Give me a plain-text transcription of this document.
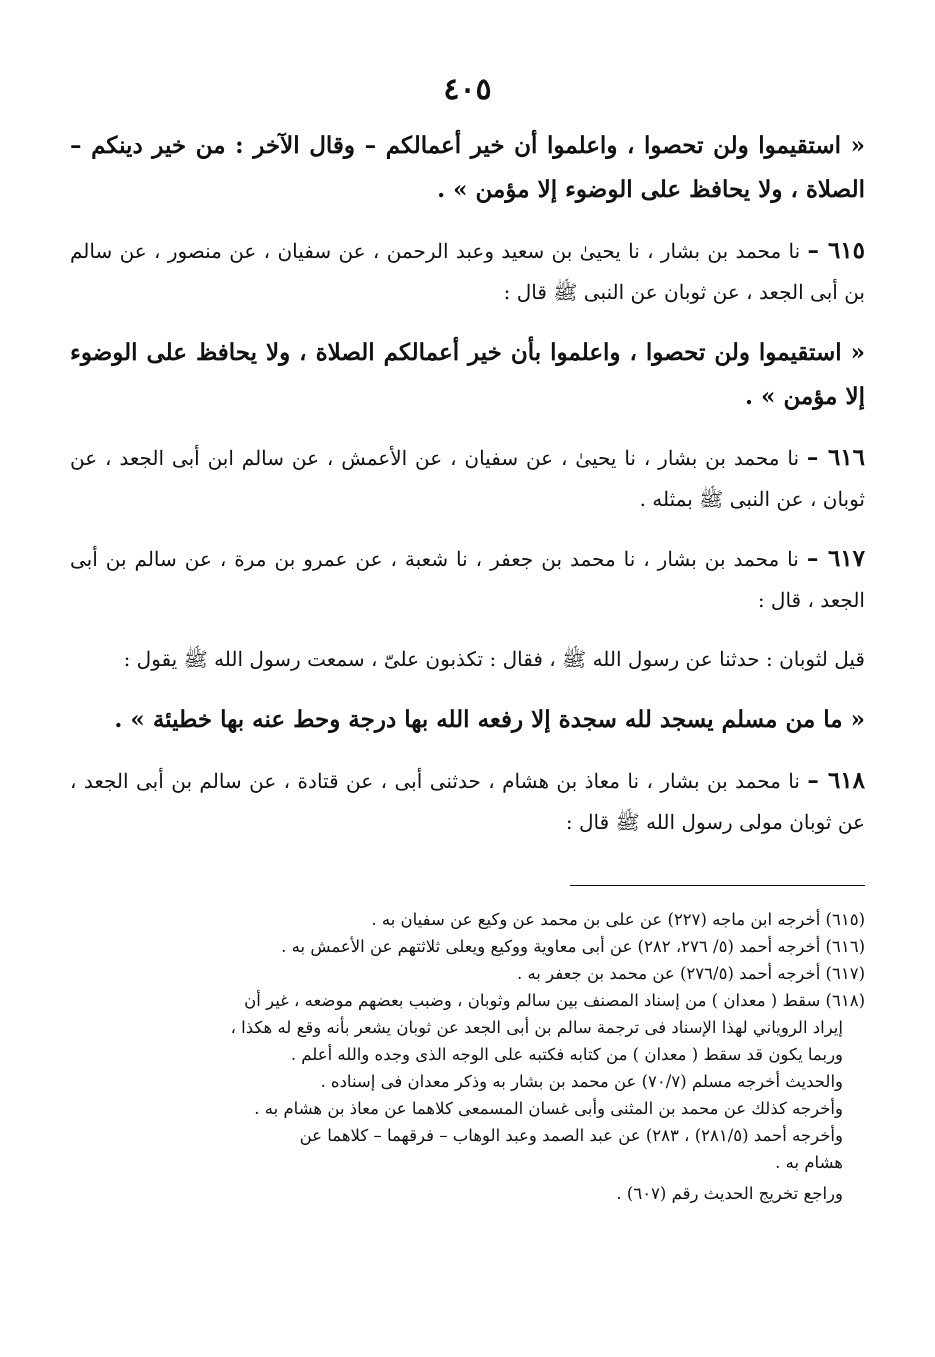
٤٠٥

« استقيموا ولن تحصوا ، واعلموا أن خير أعمالكم – وقال الآخر : من خير دينكم – الصلاة ، ولا يحافظ على الوضوء إلا مؤمن » .

٦١٥ – نا محمد بن بشار ، نا يحيىٰ بن سعيد وعبد الرحمن ، عن سفيان ، عن منصور ، عن سالم بن أبى الجعد ، عن ثوبان عن النبى ﷺ قال :

« استقيموا ولن تحصوا ، واعلموا بأن خير أعمالكم الصلاة ، ولا يحافظ على الوضوء إلا مؤمن » .

٦١٦ – نا محمد بن بشار ، نا يحيىٰ ، عن سفيان ، عن الأعمش ، عن سالم ابن أبى الجعد ، عن ثوبان ، عن النبى ﷺ بمثله .

٦١٧ – نا محمد بن بشار ، نا محمد بن جعفر ، نا شعبة ، عن عمرو بن مرة ، عن سالم بن أبى الجعد ، قال :

قيل لثوبان : حدثنا عن رسول الله ﷺ ، فقال : تكذبون علىّ ، سمعت رسول الله ﷺ يقول :

« ما من مسلم يسجد لله سجدة إلا رفعه الله بها درجة وحط عنه بها خطيئة » .

٦١٨ – نا محمد بن بشار ، نا معاذ بن هشام ، حدثنى أبى ، عن قتادة ، عن سالم بن أبى الجعد ، عن ثوبان مولى رسول الله ﷺ قال :

(٦١٥) أخرجه ابن ماجه (٢٢٧) عن على بن محمد عن وكيع عن سفيان به .

(٦١٦) أخرجه أحمد (٥/ ٢٧٦، ٢٨٢) عن أبى معاوية ووكيع ويعلى ثلاثتهم عن الأعمش به .

(٦١٧) أخرجه أحمد (٢٧٦/٥) عن محمد بن جعفر به .

(٦١٨) سقط ( معدان ) من إسناد المصنف بين سالم وثوبان ، وضبب بعضهم موضعه ، غير أن

إيراد الروياني لهذا الإسناد فى ترجمة سالم بن أبى الجعد عن ثوبان يشعر بأنه وقع له هكذا ،

وربما يكون قد سقط ( معدان ) من كتابه فكتبه على الوجه الذى وجده والله أعلم .

والحديث أخرجه مسلم (٧٠/٧) عن محمد بن بشار به وذكر معدان فى إسناده .

وأخرجه كذلك عن محمد بن المثنى وأبى غسان المسمعى كلاهما عن معاذ بن هشام به .

وأخرجه أحمد (٢٨١/٥) ، ٢٨٣) عن عبد الصمد وعبد الوهاب – فرقهما – كلاهما عن

هشام به .

وراجع تخريج الحديث رقم (٦٠٧) .
